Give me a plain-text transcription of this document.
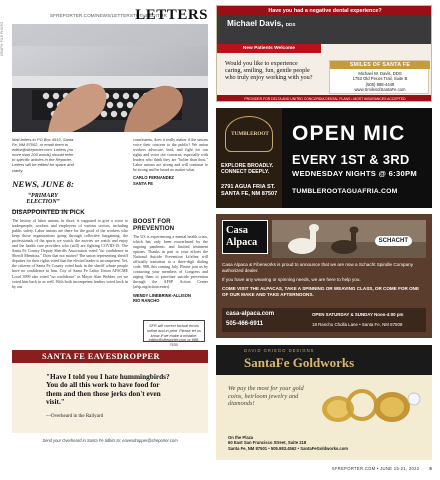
GRAPH: FILE PHOTO
SFREPORTER.COM/NEWS/LETTERSTOTHEEDITOR
LETTERS
Mail letters to PO Box 4910, Santa Fe, NM 87502, or email them to editor@sfreporter.com. Letters (no more than 200 words) should refer to specific articles in the Reporter. Letters will be edited for space and clarity.
NEWS, JUNE 8:
“PRIMARY ELECTION”
DISAPPOINTED IN PICK
The history of labor unions, in short, is supposed to give a voice to tradespeople, workers and employees of various sectors, including public safety. Labor unions are there for the good of the workers who keep those organizations going through collective bargaining, the professionals of the sports we watch, the movies we watch and enjoy and the health care providers who (still) are fighting COVID-19. The Santa Fe County Deputy Sheriffs Association voted "no confidence in Sheriff Mendoza." Does that not matter? The union representing sheriff deputies for their rights voted that the elected leader is incompetent. Yet, the citizens of Santa Fe County voted back in the sheriff whose people have no confidence in him. City of Santa Fe Labor Union AFSCME Local 3999 also voted "no confidence" in Mayor Alan Webber, yet we voted him back in as well. With both incompetent leaders voted back in by our
constituents, does it really matter if the unions voice their concern to the public? We union workers advocate, lead, and fight for our rights and voice our concerns, especially with leaders who think they are "holier than thou." Labor unions are strong and will continue to be strong and be heard no matter what.
CARLO FERNANDEZ
SANTA FE
BOOST FOR PREVENTION
The US is experiencing a mental health crisis, which has only been exacerbated by the ongoing pandemic and limited treatment options. Thanks in part to your efforts the National Suicide Prevention Lifeline will officially transition to a three-digit dialing code, 988, this coming July. Please join us by contacting your members of Congress and urging them to prioritize suicide prevention through the AFSP Action Center (afsp.org/actioncenter).
WENDY LINEBRINK-ALLISON
RIO RANCHO
SFR will correct factual errors online and in print. Please let us know if we make a mistake: editor@sfreporter.com or 988-7530.
SANTA FE EAVESDROPPER
"Have I told you I hate hummingbirds? You do all this work to have food for them and then those jerks don't even visit."
—Overheard in the Railyard
Send your Overheard in Santa Fe tidbits to: eavesdropper@sfreporter.com
Have you had a negative dental experience?
Michael Davis, DDS
New Patients Welcome
Would you like to experience caring, smiling, fun, gentle people who truly enjoy working with you?
SMILES OF SANTA FE
Michael W. Davis, DDS
1753 Old Pecos Trail, Suite B
(505) 988-4448
www.SmilesofSantaFe.com
PROVIDER FOR DELTA AND UNITED CONCORDIA DENTAL PLANS • MOST INSURANCES ACCEPTED
TUMBLEROOT
EXPLORE BROADLY. CONNECT DEEPLY.
2791 AGUA FRIA ST. SANTA FE, NM 87507
OPEN MIC
EVERY 1ST & 3RD
WEDNESDAY NIGHTS @ 6:30PM
TUMBLEROOTAGUAFRIA.COM
Casa Alpaca	SCHACHT
Casa Alpaca & Fiberworks is proud to announce that we are now a Schacht Spindle Company authorized dealer.
If you have any weaving or spinning needs, we are here to help you.
COME VISIT THE ALPACAS, TAKE A SPINNING OR WEAVING CLASS, OR COME FOR ONE OF OUR MAKE AND TAKE AFTERNOONS.
casa-alpaca.com
505-466-6911
OPEN SATURDAY & SUNDAY Noon-4:00 pm
18 Rancho Cholla Lane • Santa Fe, NM 87508
DAVID GRIEGO DESIGNS
SantaFe Goldworks
We pay the most for your gold coins, heirloom jewelry and diamonds!
On the Plaza
60 East San Francisco Street, Suite 218
Santa Fe, NM 87501 • 505.983.4562 • SantaFeGoldworks.com
SFREPORTER.COM • JUNE 15-21, 2022 5
